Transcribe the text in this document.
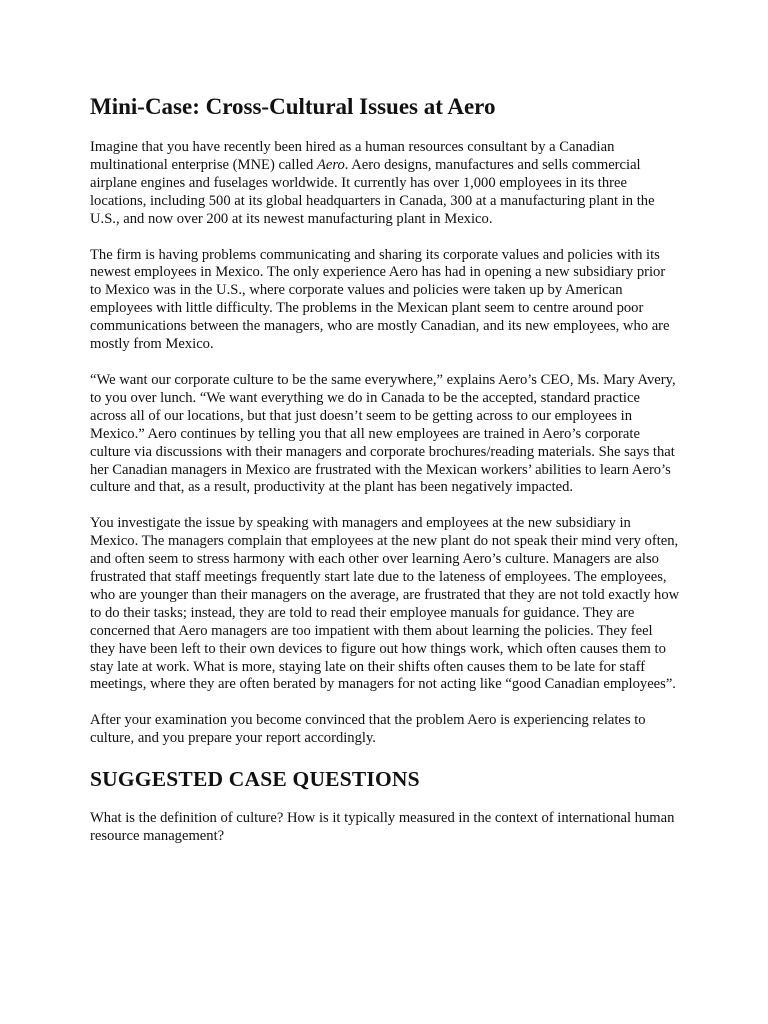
Mini-Case: Cross-Cultural Issues at Aero

Imagine that you have recently been hired as a human resources consultant by a Canadian multinational enterprise (MNE) called Aero. Aero designs, manufactures and sells commercial airplane engines and fuselages worldwide. It currently has over 1,000 employees in its three locations, including 500 at its global headquarters in Canada, 300 at a manufacturing plant in the U.S., and now over 200 at its newest manufacturing plant in Mexico.

The firm is having problems communicating and sharing its corporate values and policies with its newest employees in Mexico. The only experience Aero has had in opening a new subsidiary prior to Mexico was in the U.S., where corporate values and policies were taken up by American employees with little difficulty. The problems in the Mexican plant seem to centre around poor communications between the managers, who are mostly Canadian, and its new employees, who are mostly from Mexico.

“We want our corporate culture to be the same everywhere,” explains Aero’s CEO, Ms. Mary Avery, to you over lunch. “We want everything we do in Canada to be the accepted, standard practice across all of our locations, but that just doesn’t seem to be getting across to our employees in Mexico.” Aero continues by telling you that all new employees are trained in Aero’s corporate culture via discussions with their managers and corporate brochures/reading materials. She says that her Canadian managers in Mexico are frustrated with the Mexican workers’ abilities to learn Aero’s culture and that, as a result, productivity at the plant has been negatively impacted.

You investigate the issue by speaking with managers and employees at the new subsidiary in Mexico. The managers complain that employees at the new plant do not speak their mind very often, and often seem to stress harmony with each other over learning Aero’s culture. Managers are also frustrated that staff meetings frequently start late due to the lateness of employees. The employees, who are younger than their managers on the average, are frustrated that they are not told exactly how to do their tasks; instead, they are told to read their employee manuals for guidance. They are concerned that Aero managers are too impatient with them about learning the policies. They feel they have been left to their own devices to figure out how things work, which often causes them to stay late at work. What is more, staying late on their shifts often causes them to be late for staff meetings, where they are often berated by managers for not acting like “good Canadian employees”.

After your examination you become convinced that the problem Aero is experiencing relates to culture, and you prepare your report accordingly.

SUGGESTED CASE QUESTIONS

What is the definition of culture? How is it typically measured in the context of international human resource management?
